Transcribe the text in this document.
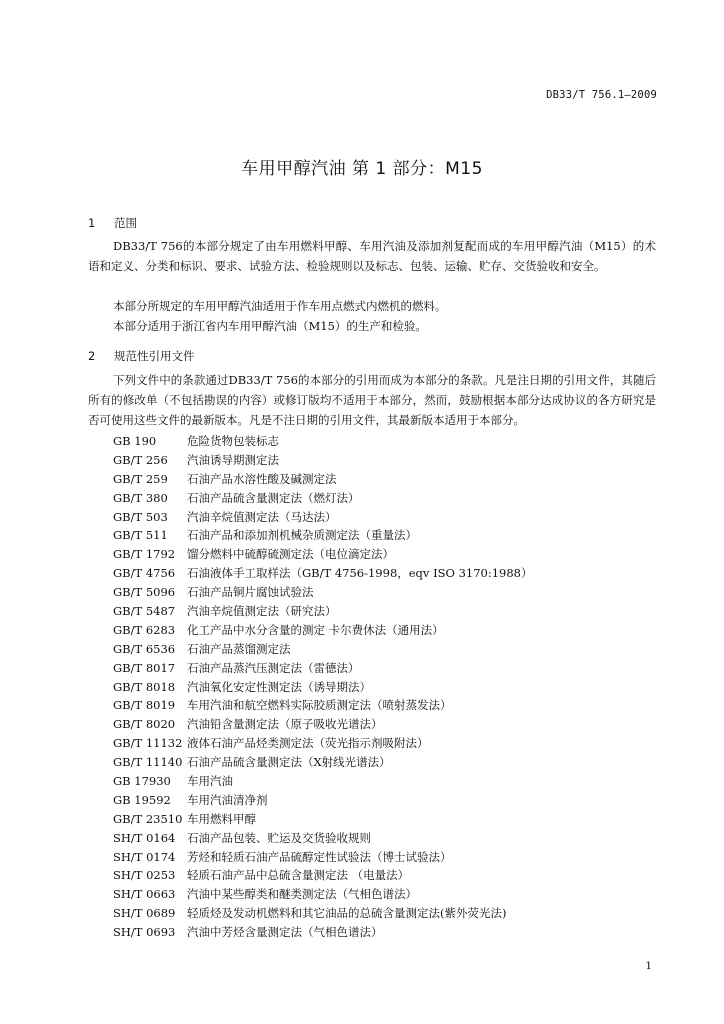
DB33/T 756.1—2009
车用甲醇汽油 第 1 部分：M15
1 范围

DB33/T 756的本部分规定了由车用燃料甲醇、车用汽油及添加剂复配而成的车用甲醇汽油（M15）的术语和定义、分类和标识、要求、试验方法、检验规则以及标志、包装、运输、贮存、交货验收和安全。

本部分所规定的车用甲醇汽油适用于作车用点燃式内燃机的燃料。

本部分适用于浙江省内车用甲醇汽油（M15）的生产和检验。

2 规范性引用文件

下列文件中的条款通过DB33/T 756的本部分的引用而成为本部分的条款。凡是注日期的引用文件，其随后所有的修改单（不包括勘误的内容）或修订版均不适用于本部分，然而，鼓励根据本部分达成协议的各方研究是否可使用这些文件的最新版本。凡是不注日期的引用文件，其最新版本适用于本部分。

GB 190	危险货物包装标志
GB/T 256 汽油诱导期测定法
GB/T 259 石油产品水溶性酸及碱测定法
GB/T 380 石油产品硫含量测定法（燃灯法）
GB/T 503 汽油辛烷值测定法（马达法）
GB/T 511 石油产品和添加剂机械杂质测定法（重量法）
GB/T 1792 馏分燃料中硫醇硫测定法（电位滴定法）
GB/T 4756 石油液体手工取样法（GB/T 4756-1998，eqv ISO 3170:1988）
GB/T 5096 石油产品铜片腐蚀试验法
GB/T 5487 汽油辛烷值测定法（研究法）
GB/T 6283 化工产品中水分含量的测定 卡尔费休法（通用法）
GB/T 6536 石油产品蒸馏测定法
GB/T 8017 石油产品蒸汽压测定法（雷德法）
GB/T 8018 汽油氧化安定性测定法（诱导期法）
GB/T 8019 车用汽油和航空燃料实际胶质测定法（喷射蒸发法）
GB/T 8020 汽油铅含量测定法（原子吸收光谱法）
GB/T 11132 液体石油产品烃类测定法（荧光指示剂吸附法）
GB/T 11140 石油产品硫含量测定法（X射线光谱法）
GB 17930 车用汽油
GB 19592 车用汽油清净剂
GB/T 23510 车用燃料甲醇
SH/T 0164 石油产品包装、贮运及交货验收规则
SH/T 0174 芳烃和轻质石油产品硫醇定性试验法（博士试验法）
SH/T 0253 轻质石油产品中总硫含量测定法 （电量法）
SH/T 0663 汽油中某些醇类和醚类测定法（气相色谱法）
SH/T 0689 轻质烃及发动机燃料和其它油品的总硫含量测定法(紫外荧光法)
SH/T 0693 汽油中芳烃含量测定法（气相色谱法）
1
